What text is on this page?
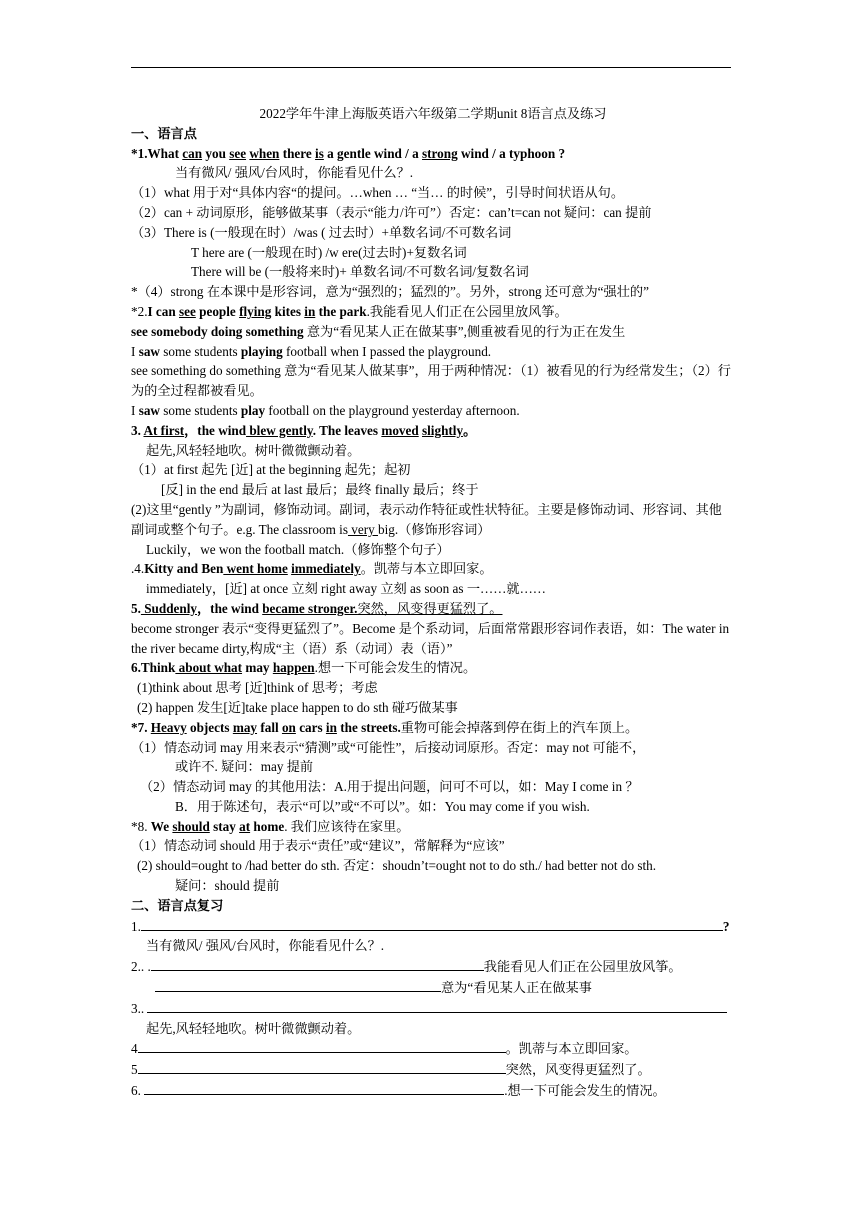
2022学年牛津上海版英语六年级第二学期unit 8语言点及练习
一、语言点
*1.What can you see when there is a gentle wind / a strong wind / a typhoon ?
当有微风/ 强风/台风时，你能看见什么？.
（1）what 用于对“具体内容“的提问。…when … “当… 的时候”，引导时间状语从句。
（2）can + 动词原形，能够做某事（表示“能力/许可”）否定：can’t=can not 疑问：can 提前
（3）There is (一般现在时）/was ( 过去时）+单数名词/不可数名词
T here are (一般现在时) /w ere(过去时)+复数名词
There will be (一般将来时)+ 单数名词/不可数名词/复数名词
*（4）strong 在本课中是形容词，意为“强烈的；猛烈的”。另外，strong 还可意为“强壮的”
*2.I can see people flying kites in the park.我能看见人们正在公园里放风筝。
see somebody doing something 意为“看见某人正在做某事”,侧重被看见的行为正在发生
I saw some students playing football when I passed the playground.
see something do something 意为“看见某人做某事”，用于两种情况：（1）被看见的行为经常发生；（2）行为的全过程都被看见。
I saw some students play football on the playground yesterday afternoon.
3. At first，the wind blew gently. The leaves moved slightly。
起先,风轻轻地吹。树叶微微颤动着。
（1）at first 起先 [近] at the beginning 起先；起初
[反] in the end 最后 at last 最后；最终 finally 最后；终于
(2)这里“gently ”为副词，修饰动词。副词，表示动作特征或性状特征。主要是修饰动词、形容词、其他副词或整个句子。e.g. The classroom is very big.（修饰形容词）
Luckily，we won the football match.（修饰整个句子）
.4.Kitty and Ben went home immediately。凯蒂与本立即回家。
immediately，[近] at once 立刻 right away 立刻 as soon as 一……就……
5. Suddenly，the wind became stronger.突然，风变得更猛烈了。
become stronger 表示“变得更猛烈了”。Become 是个系动词，后面常常跟形容词作表语，如：The water in the river became dirty,构成“主（语）系（动词）表（语）”
6.Think about what may happen.想一下可能会发生的情况。
(1)think about 思考 [近]think of 思考；考虑
(2) happen 发生[近]take place happen to do sth 碰巧做某事
*7. Heavy objects may fall on cars in the streets.重物可能会掉落到停在街上的汽车顶上。
（1）情态动词 may 用来表示“猜测”或“可能性”，后接动词原形。否定：may not 可能不，
或许不. 疑问：may 提前
（2）情态动词 may 的其他用法：A.用于提出问题，问可不可以，如：May I come in ？
B．用于陈述句，表示“可以”或“不可以”。如：You may come if you wish.
*8. We should stay at home. 我们应该待在家里。
（1）情态动词 should 用于表示“责任”或“建议”，常解释为“应该”
(2) should=ought to /had better do sth. 否定：shoudn’t=ought not to do sth./ had better not do sth.
疑问：should 提前
二、语言点复习
1.	?
当有微风/ 强风/台风时，你能看见什么？.
2.. .	我能看见人们正在公园里放风筝。
意为“看见某人正在做某事
3..
起先,风轻轻地吹。树叶微微颤动着。
4	。凯蒂与本立即回家。
5	突然，风变得更猛烈了。
6.	.想一下可能会发生的情况。
